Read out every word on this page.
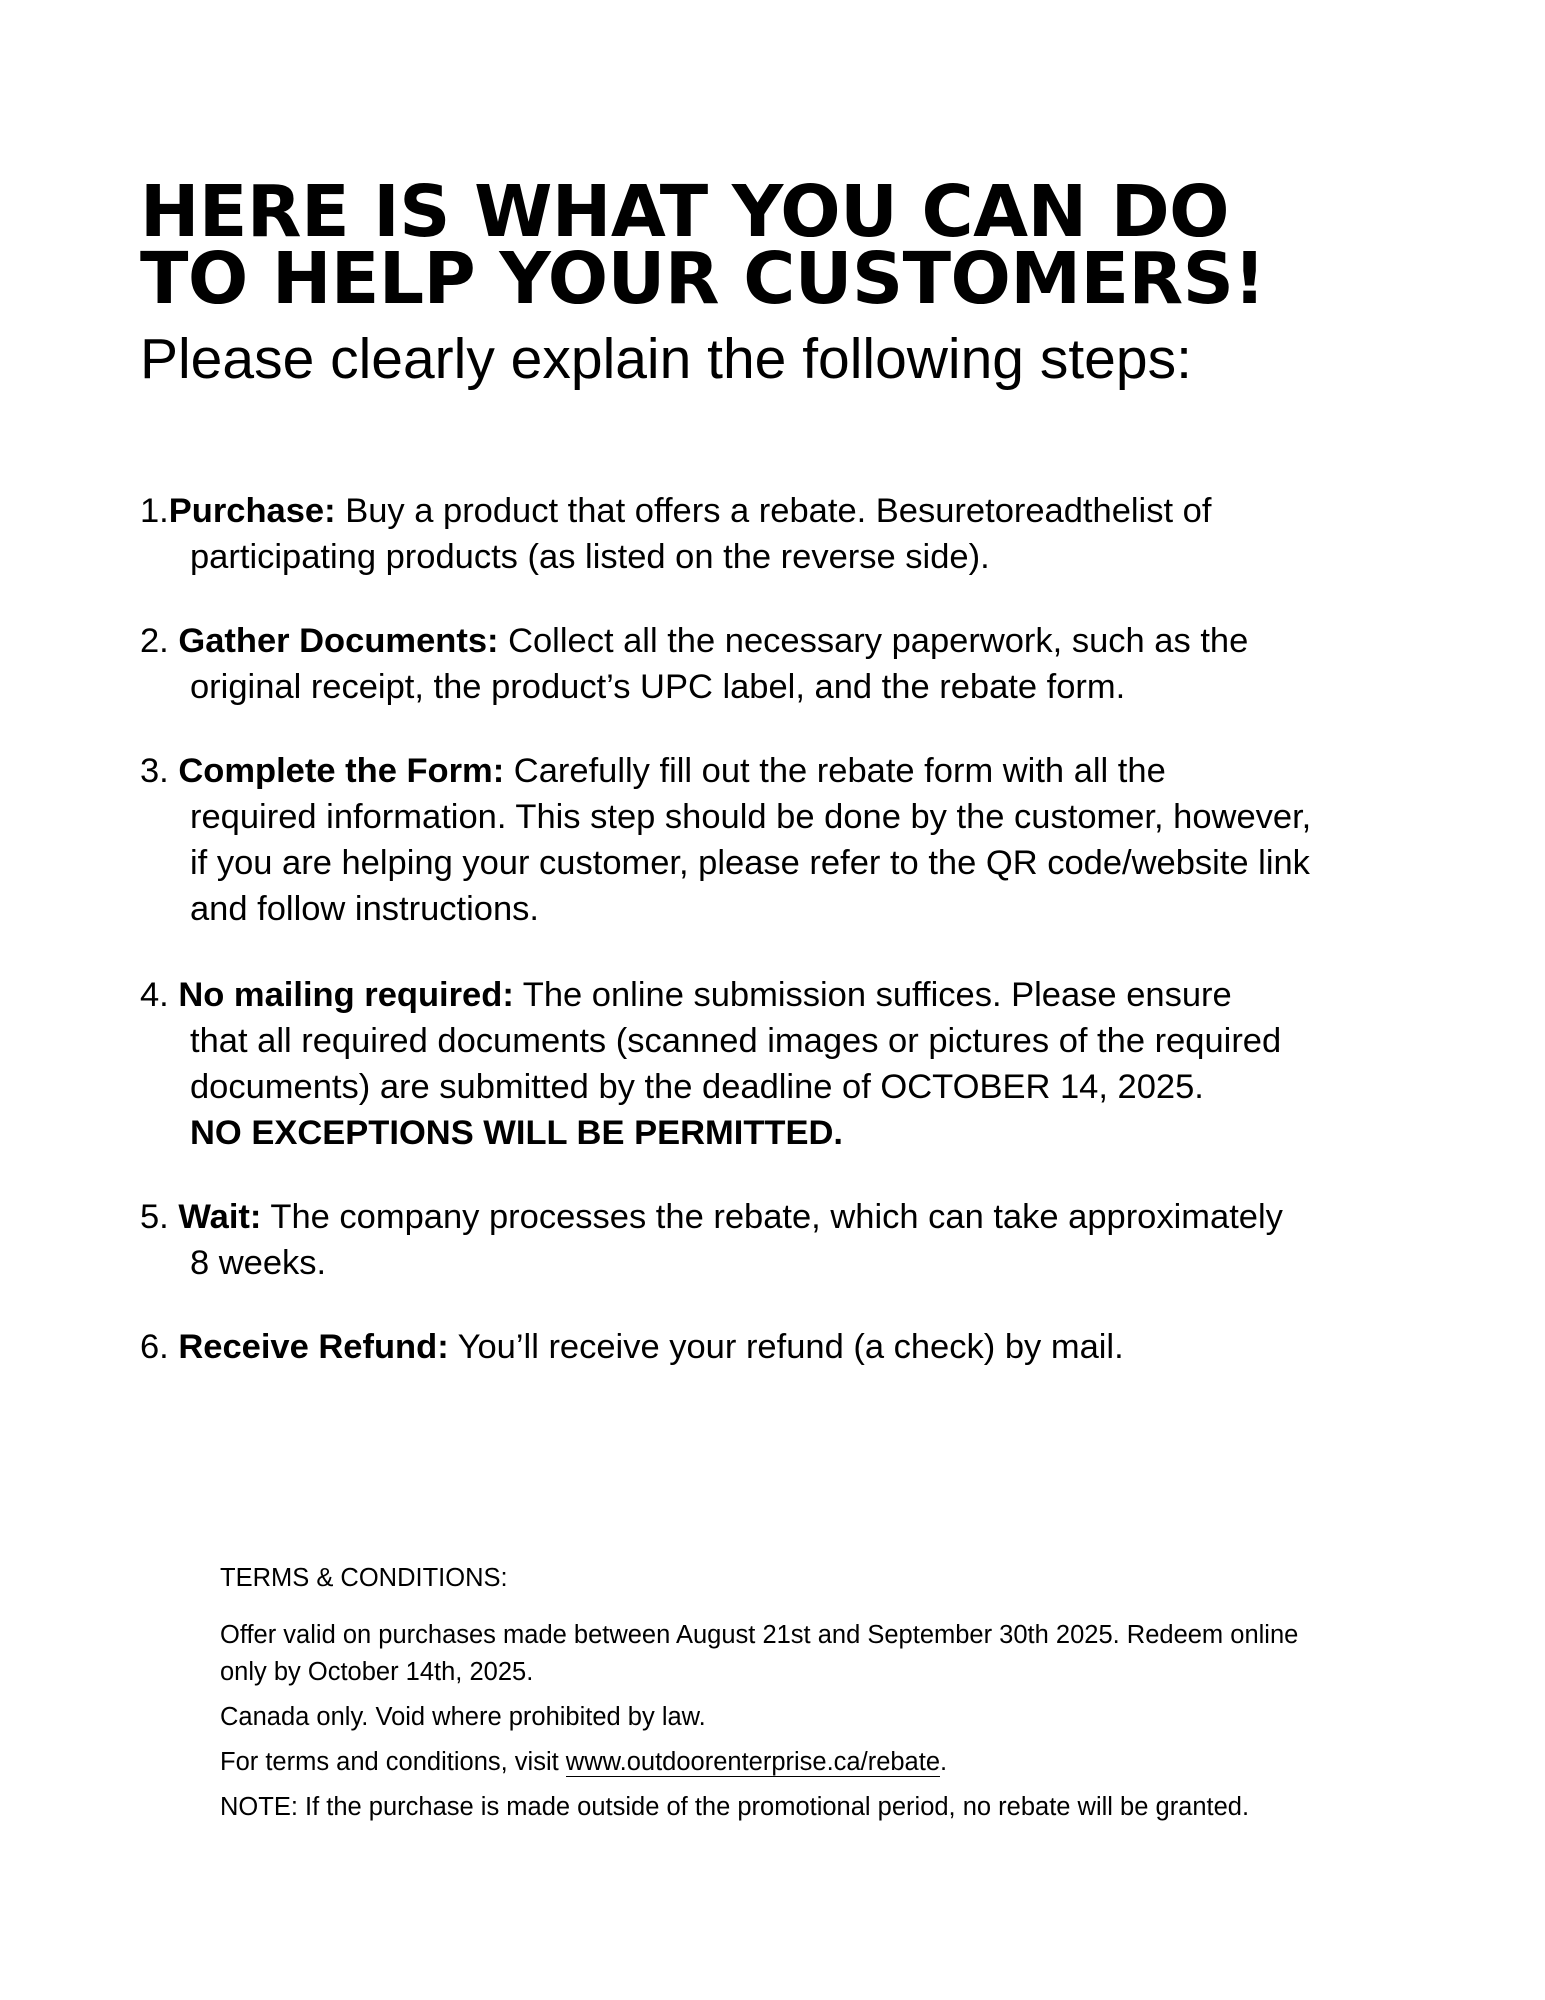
HERE IS WHAT YOU CAN DO
TO HELP YOUR CUSTOMERS!
Please clearly explain the following steps:
1.Purchase: Buy a product that offers a rebate. Besuretoreadthelist of
participating products (as listed on the reverse side).
2. Gather Documents: Collect all the necessary paperwork, such as the
original receipt, the product’s UPC label, and the rebate form.
3. Complete the Form: Carefully fill out the rebate form with all the
required information. This step should be done by the customer, however,
if you are helping your customer, please refer to the QR code/website link
and follow instructions.
4. No mailing required: The online submission suffices. Please ensure
that all required documents (scanned images or pictures of the required
documents) are submitted by the deadline of OCTOBER 14, 2025.
NO EXCEPTIONS WILL BE PERMITTED.
5. Wait: The company processes the rebate, which can take approximately
8 weeks.
6. Receive Refund: You’ll receive your refund (a check) by mail.
TERMS & CONDITIONS:
Offer valid on purchases made between August 21st and September 30th 2025. Redeem online
only by October 14th, 2025.
Canada only. Void where prohibited by law.
For terms and conditions, visit www.outdoorenterprise.ca/rebate.
NOTE: If the purchase is made outside of the promotional period, no rebate will be granted.
